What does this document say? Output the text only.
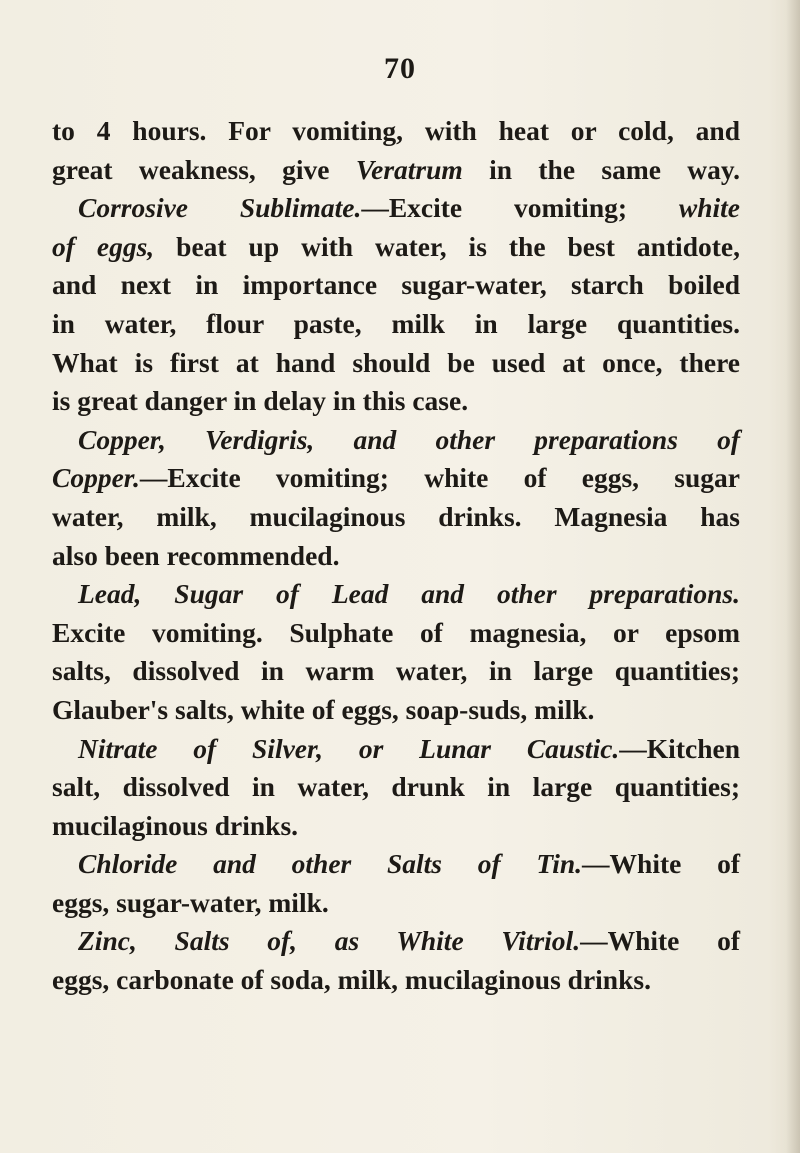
70
to 4 hours. For vomiting, with heat or cold, and
great weakness, give Veratrum in the same way.
Corrosive Sublimate.—Excite vomiting; white
of eggs, beat up with water, is the best antidote,
and next in importance sugar-water, starch boiled
in water, flour paste, milk in large quantities.
What is first at hand should be used at once, there
is great danger in delay in this case.
Copper, Verdigris, and other preparations of
Copper.—Excite vomiting; white of eggs, sugar
water, milk, mucilaginous drinks. Magnesia has
also been recommended.
Lead, Sugar of Lead and other preparations.
Excite vomiting. Sulphate of magnesia, or epsom
salts, dissolved in warm water, in large quantities;
Glauber's salts, white of eggs, soap-suds, milk.
Nitrate of Silver, or Lunar Caustic.—Kitchen
salt, dissolved in water, drunk in large quantities;
mucilaginous drinks.
Chloride and other Salts of Tin.—White of
eggs, sugar-water, milk.
Zinc, Salts of, as White Vitriol.—White of
eggs, carbonate of soda, milk, mucilaginous drinks.
